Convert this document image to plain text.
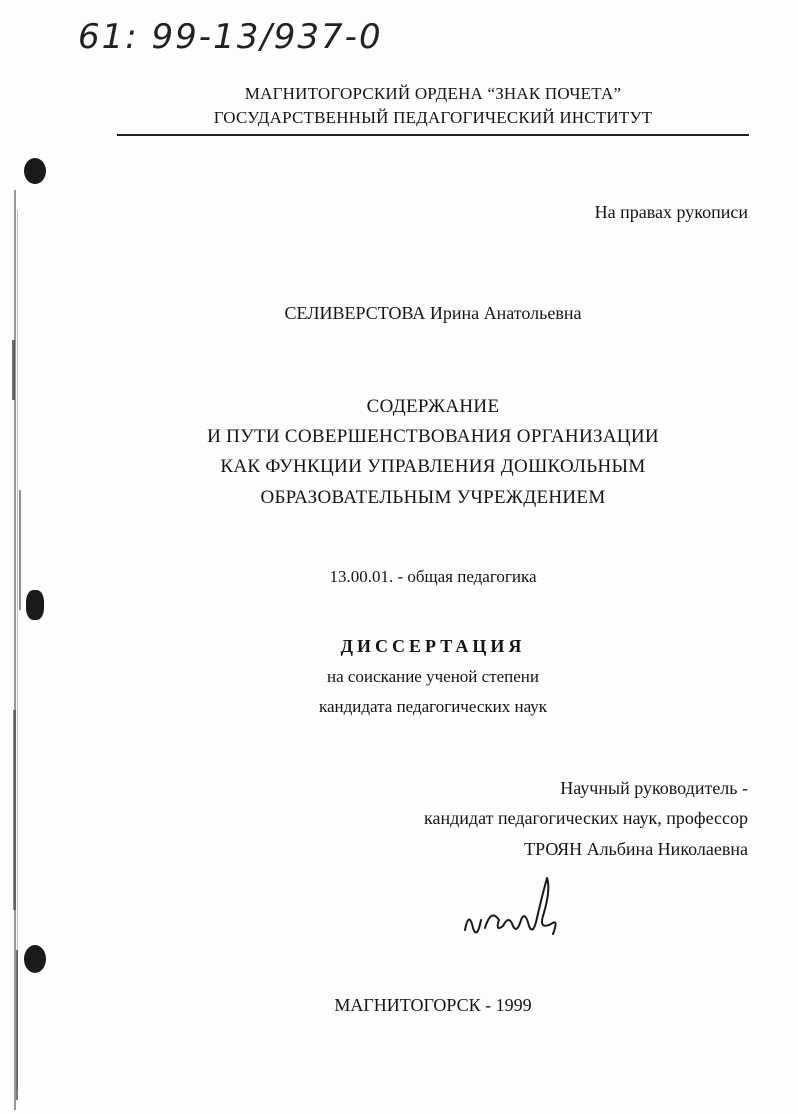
61: 99-13/937-0
МАГНИТОГОРСКИЙ ОРДЕНА “ЗНАК ПОЧЕТА”
ГОСУДАРСТВЕННЫЙ ПЕДАГОГИЧЕСКИЙ ИНСТИТУТ
На правах рукописи
СЕЛИВЕРСТОВА Ирина Анатольевна
СОДЕРЖАНИЕ
И ПУТИ СОВЕРШЕНСТВОВАНИЯ ОРГАНИЗАЦИИ
КАК ФУНКЦИИ УПРАВЛЕНИЯ ДОШКОЛЬНЫМ
ОБРАЗОВАТЕЛЬНЫМ УЧРЕЖДЕНИЕМ
13.00.01. - общая педагогика
ДИССЕРТАЦИЯ
на соискание ученой степени
кандидата педагогических наук
Научный руководитель -
кандидат педагогических наук, профессор
ТРОЯН Альбина Николаевна
МАГНИТОГОРСК - 1999
